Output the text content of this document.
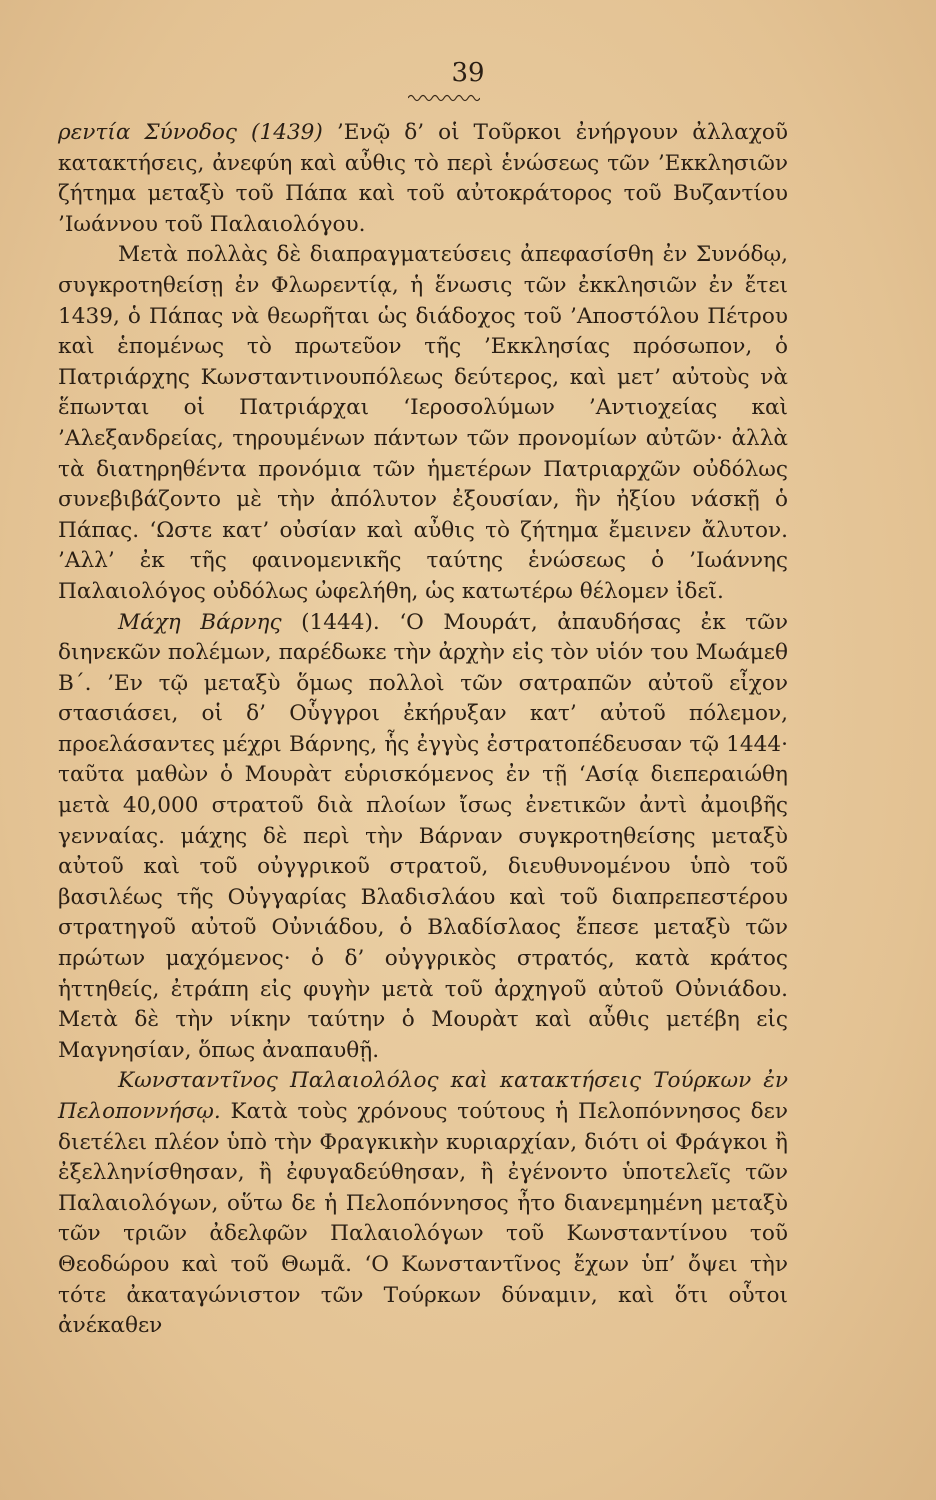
39

ρεντία Σύνοδος (1439) ’Ενῷ δ’ οἱ Τοῦρκοι ἐνήργουν ἀλλαχοῦ κατακτήσεις, ἀνεφύη καὶ αὖθις τὸ περὶ ἑνώσεως τῶν ’Εκκλησιῶν ζήτημα μεταξὺ τοῦ Πάπα καὶ τοῦ αὐτοκράτορος τοῦ Βυζαντίου ’Ιωάννου τοῦ Παλαιολόγου.

Μετὰ πολλὰς δὲ διαπραγματεύσεις ἀπεφασίσθη ἐν Συνόδῳ, συγκροτηθείσῃ ἐν Φλωρεντίᾳ, ἡ ἕνωσις τῶν ἐκκλησιῶν ἐν ἔτει 1439, ὁ Πάπας νὰ θεωρῆται ὡς διάδοχος τοῦ ’Αποστόλου Πέτρου καὶ ἑπομένως τὸ πρωτεῦον τῆς ’Εκκλησίας πρόσωπον, ὁ Πατριάρχης Κωνσταντινουπόλεως δεύτερος, καὶ μετ’ αὐτοὺς νὰ ἕπωνται οἱ Πατριάρχαι ‘Ιεροσολύμων ’Αντιοχείας καὶ ’Αλεξανδρείας, τηρουμένων πάντων τῶν προνομίων αὐτῶν· ἀλλὰ τὰ διατηρηθέντα προνόμια τῶν ἡμετέρων Πατριαρχῶν οὐδόλως συνεβιβάζοντο μὲ τὴν ἀπόλυτον ἐξουσίαν, ἣν ἠξίου νάσκῇ ὁ Πάπας. ‘Ωστε κατ’ οὐσίαν καὶ αὖθις τὸ ζήτημα ἔμεινεν ἄλυτον. ’Αλλ’ ἐκ τῆς φαινομενικῆς ταύτης ἑνώσεως ὁ ’Ιωάννης Παλαιολόγος οὐδόλως ὠφελήθη, ὡς κατωτέρω θέλομεν ἰδεῖ.

Μάχη Βάρνης (1444). ‘Ο Μουράτ, ἀπαυδήσας ἐκ τῶν διηνεκῶν πολέμων, παρέδωκε τὴν ἀρχὴν εἰς τὸν υἱόν του Μωάμεθ Β΄. ’Εν τῷ μεταξὺ ὅμως πολλοὶ τῶν σατραπῶν αὐτοῦ εἶχον στασιάσει, οἱ δ’ Οὗγγροι ἐκήρυξαν κατ’ αὐτοῦ πόλεμον, προελάσαντες μέχρι Βάρνης, ἧς ἐγγὺς ἐστρατοπέδευσαν τῷ 1444· ταῦτα μαθὼν ὁ Μουρὰτ εὑρισκόμενος ἐν τῇ ‘Ασίᾳ διεπεραιώθη μετὰ 40,000 στρατοῦ διὰ πλοίων ἴσως ἐνετικῶν ἀντὶ ἀμοιβῆς γενναίας. μάχης δὲ περὶ τὴν Βάρναν συγκροτηθείσης μεταξὺ αὐτοῦ καὶ τοῦ οὐγγρικοῦ στρατοῦ, διευθυνομένου ὑπὸ τοῦ βασιλέως τῆς Οὐγγαρίας Βλαδισλάου καὶ τοῦ διαπρεπεστέρου στρατηγοῦ αὐτοῦ Οὐνιάδου, ὁ Βλαδίσλαος ἔπεσε μεταξὺ τῶν πρώτων μαχόμενος· ὁ δ’ οὐγγρικὸς στρατός, κατὰ κράτος ἡττηθείς, ἐτράπη εἰς φυγὴν μετὰ τοῦ ἀρχηγοῦ αὐτοῦ Οὐνιάδου. Μετὰ δὲ τὴν νίκην ταύτην ὁ Μουρὰτ καὶ αὖθις μετέβη εἰς Μαγνησίαν, ὅπως ἀναπαυθῇ.

Κωνσταντῖνος Παλαιολόλος καὶ κατακτήσεις Τούρκων ἐν Πελοποννήσῳ. Κατὰ τοὺς χρόνους τούτους ἡ Πελοπόννησος δεν διετέλει πλέον ὑπὸ τὴν Φραγκικὴν κυριαρχίαν, διότι οἱ Φράγκοι ἢ ἐξελληνίσθησαν, ἢ ἐφυγαδεύθησαν, ἢ ἐγένοντο ὑποτελεῖς τῶν Παλαιολόγων, οὕτω δε ἡ Πελοπόννησος ἦτο διανεμημένη μεταξὺ τῶν τριῶν ἀδελφῶν Παλαιολόγων τοῦ Κωνσταντίνου τοῦ Θεοδώρου καὶ τοῦ Θωμᾶ. ‘Ο Κωνσταντῖνος ἔχων ὑπ’ ὄψει τὴν τότε ἀκαταγώνιστον τῶν Τούρκων δύναμιν, καὶ ὅτι οὗτοι ἀνέκαθεν
